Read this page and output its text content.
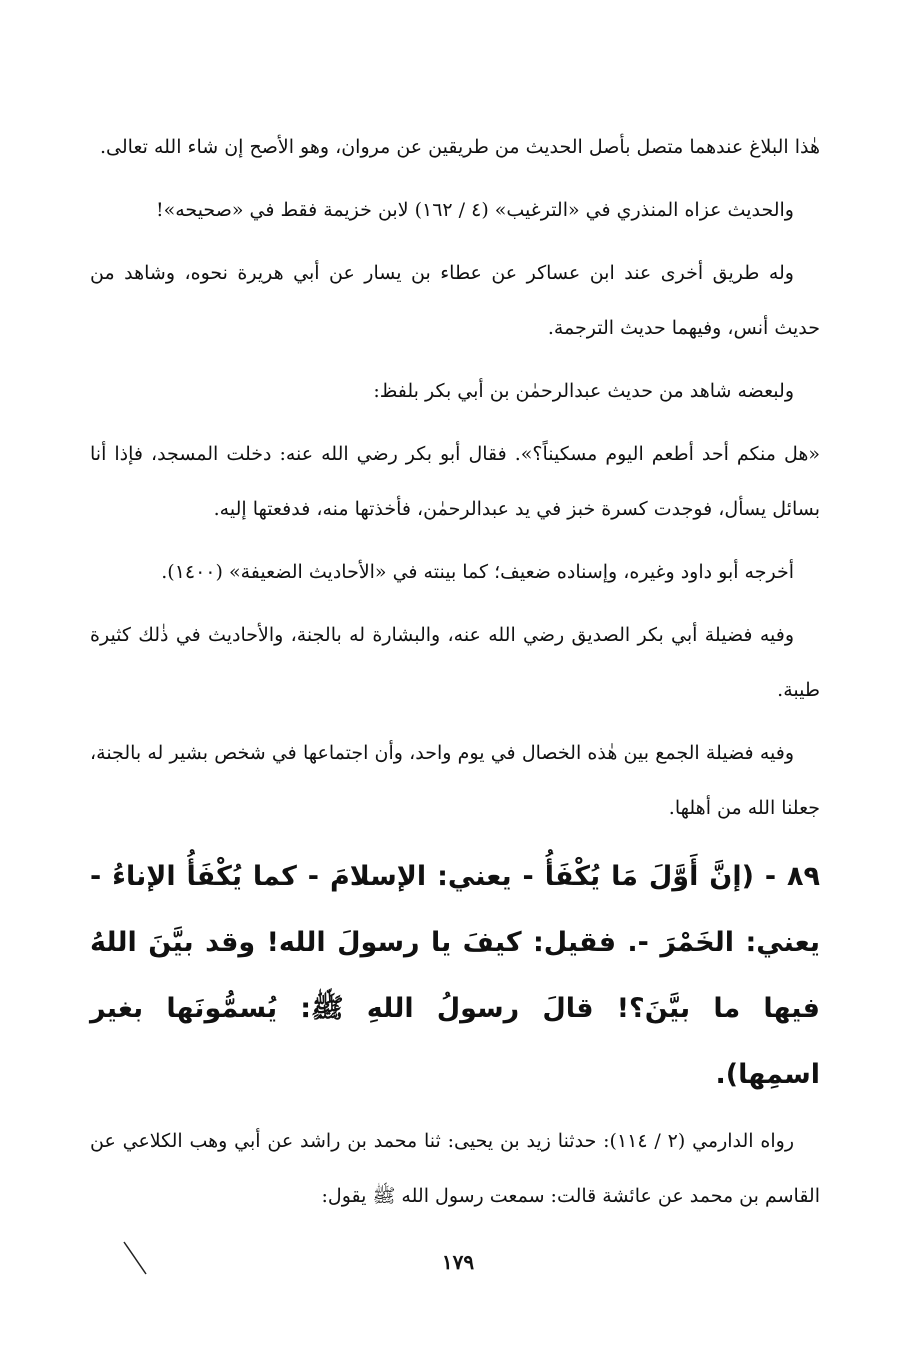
هٰذا البلاغ عندهما متصل بأصل الحديث من طريقين عن مروان، وهو الأصح إن شاء الله تعالى.

والحديث عزاه المنذري في «الترغيب» (٤ / ١٦٢) لابن خزيمة فقط في «صحيحه»!

وله طريق أخرى عند ابن عساكر عن عطاء بن يسار عن أبي هريرة نحوه، وشاهد من حديث أنس، وفيهما حديث الترجمة.

ولبعضه شاهد من حديث عبدالرحمٰن بن أبي بكر بلفظ:

«هل منكم أحد أطعم اليوم مسكيناً؟». فقال أبو بكر رضي الله عنه: دخلت المسجد، فإذا أنا بسائل يسأل، فوجدت كسرة خبز في يد عبدالرحمٰن، فأخذتها منه، فدفعتها إليه.

أخرجه أبو داود وغيره، وإسناده ضعيف؛ كما بينته في «الأحاديث الضعيفة» (١٤٠٠).

وفيه فضيلة أبي بكر الصديق رضي الله عنه، والبشارة له بالجنة، والأحاديث في ذٰلك كثيرة طيبة.

وفيه فضيلة الجمع بين هٰذه الخصال في يوم واحد، وأن اجتماعها في شخص بشير له بالجنة، جعلنا الله من أهلها.

٨٩ - (إنَّ أَوَّلَ مَا يُكْفَأُ - يعني: الإسلامَ - كما يُكْفَأُ الإناءُ - يعني: الخَمْرَ -. فقيل: كيفَ يا رسولَ الله! وقد بيَّنَ اللهُ فيها ما بيَّنَ؟! قالَ رسولُ اللهِ ﷺ: يُسمُّونَها بغير اسمِها).

رواه الدارمي (٢ / ١١٤): حدثنا زيد بن يحيى: ثنا محمد بن راشد عن أبي وهب الكلاعي عن القاسم بن محمد عن عائشة قالت: سمعت رسول الله ﷺ يقول:

١٧٩
